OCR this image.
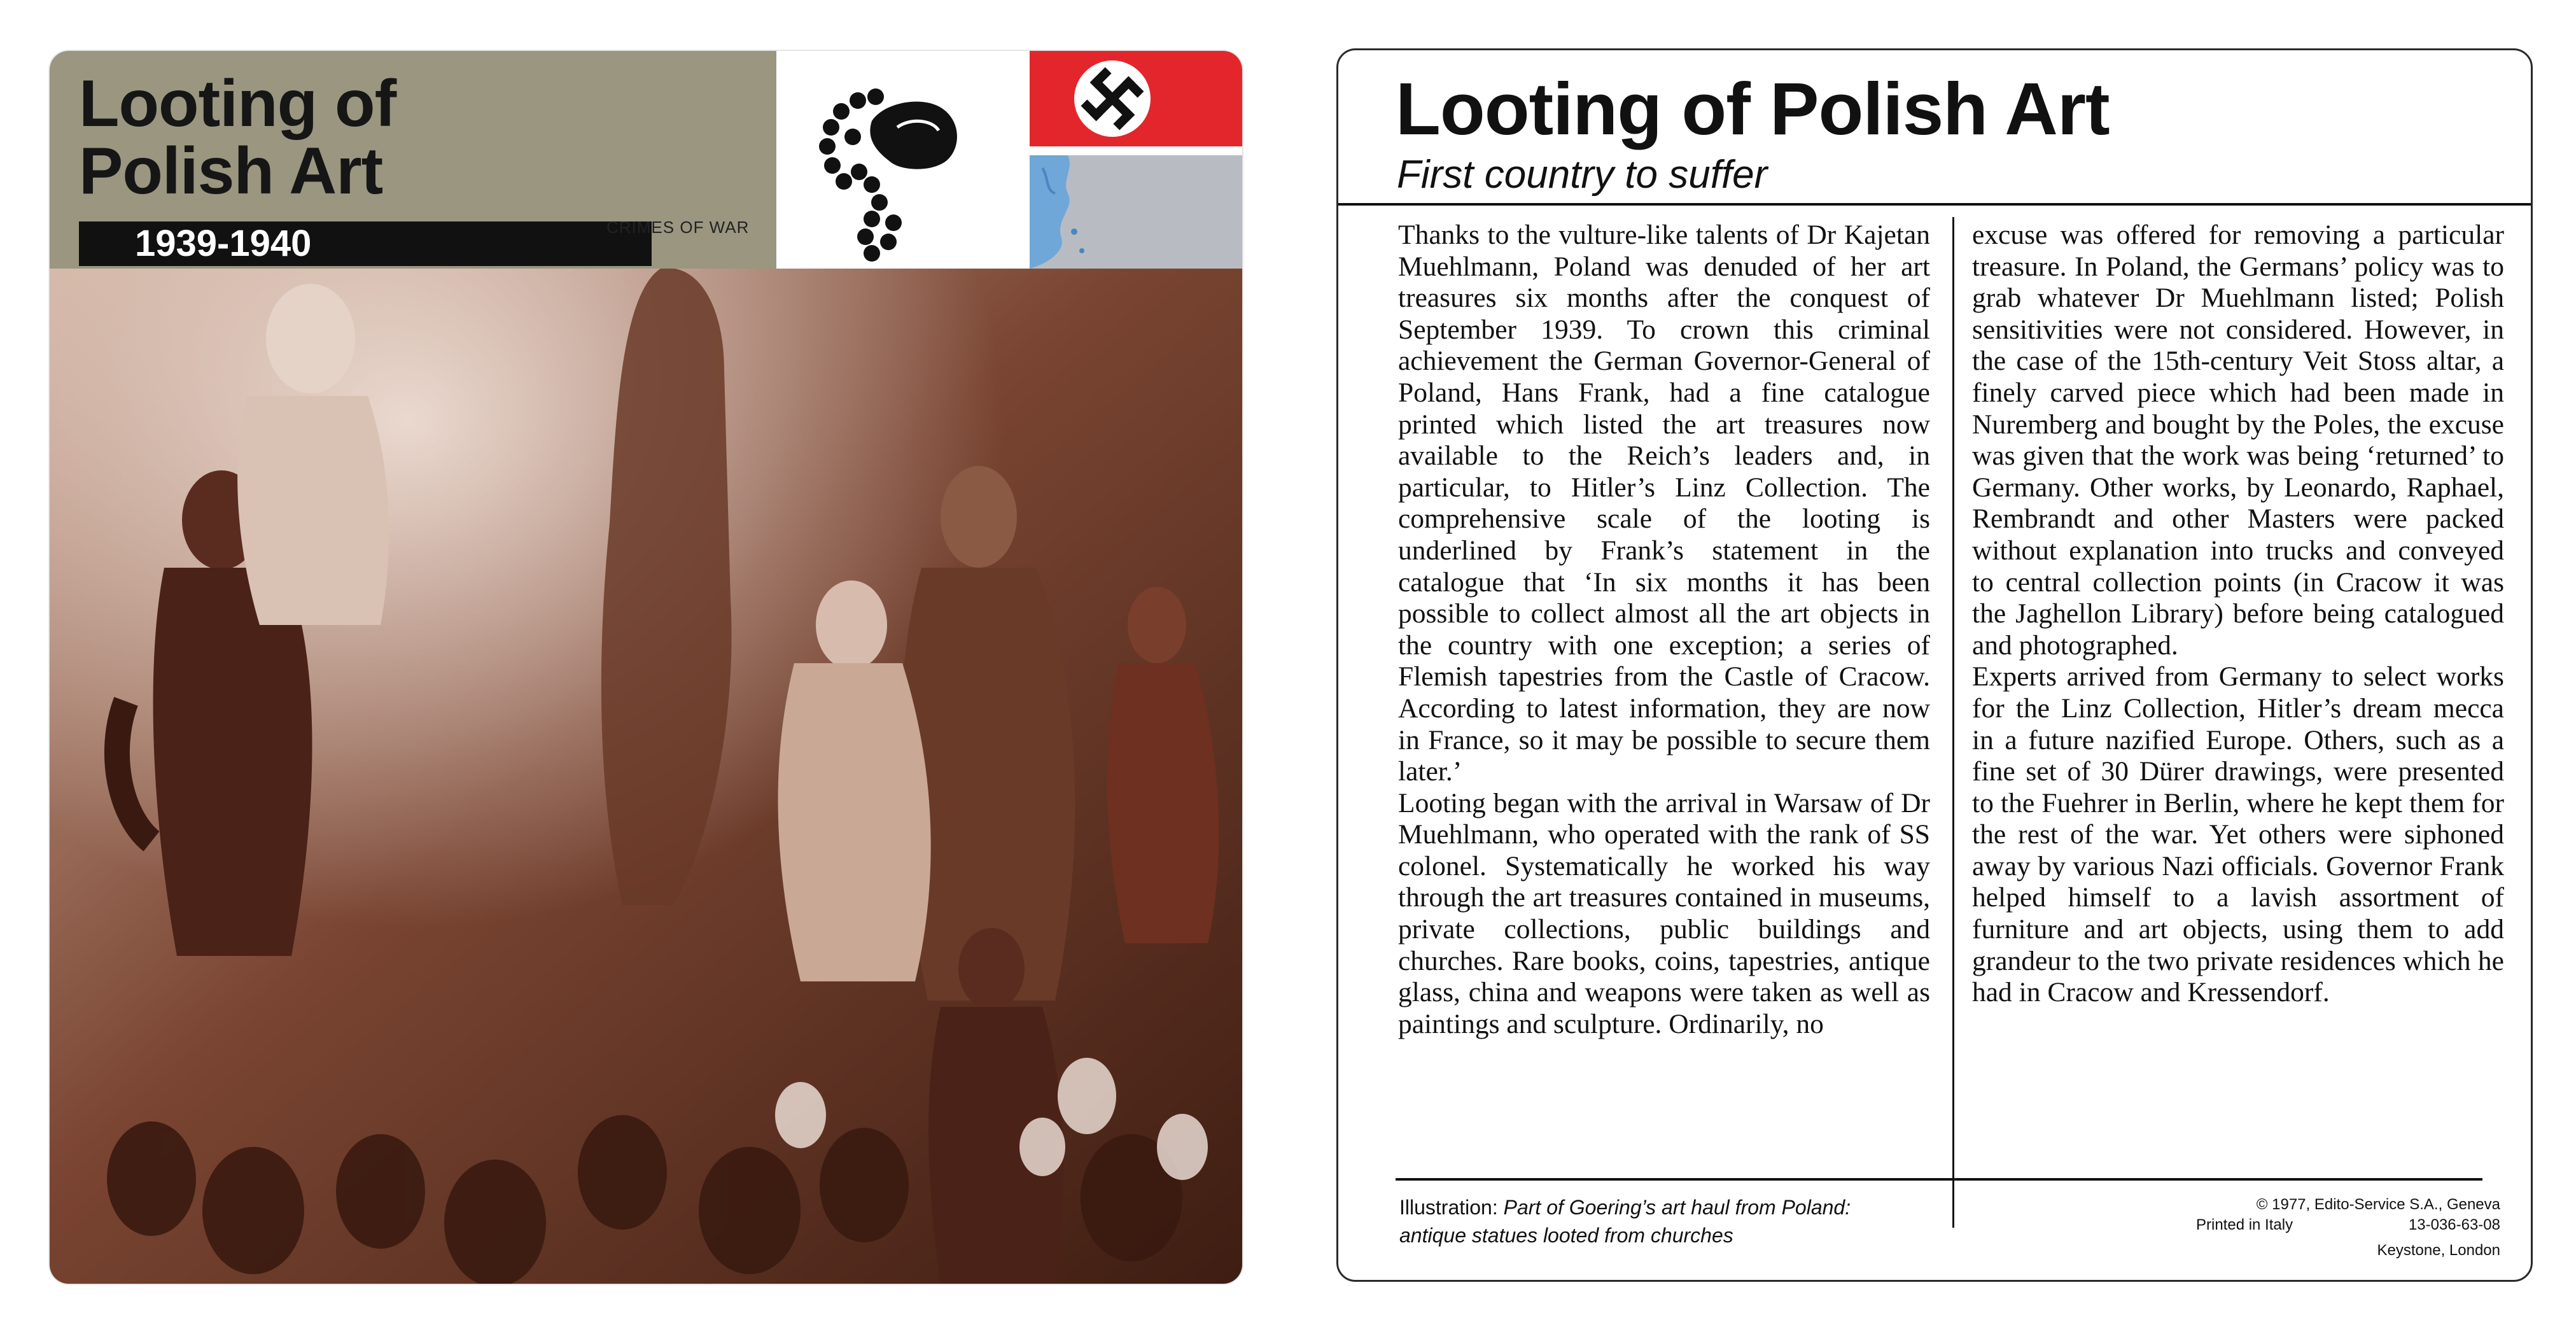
Looting of
Polish Art
1939-1940	CRIMES OF WAR
Looting of Polish Art
First country to suffer

Thanks to the vulture-like talents of Dr Kajetan Muehlmann, Poland was denuded of her art treasures six months after the conquest of September 1939. To crown this criminal achievement the German Governor-General of Poland, Hans Frank, had a fine catalogue printed which listed the art treasures now available to the Reich’s leaders and, in particular, to Hitler’s Linz Collection. The comprehensive scale of the looting is underlined by Frank’s statement in the catalogue that ‘In six months it has been possible to collect almost all the art objects in the country with one exception; a series of Flemish tapestries from the Castle of Cracow. According to latest information, they are now in France, so it may be possible to secure them later.’

Looting began with the arrival in Warsaw of Dr Muehlmann, who operated with the rank of SS colonel. Systematically he worked his way through the art treasures contained in museums, private collections, public buildings and churches. Rare books, coins, tapestries, antique glass, china and weapons were taken as well as paintings and sculpture. Ordinarily, no

excuse was offered for removing a particular treasure. In Poland, the Germans’ policy was to grab whatever Dr Muehlmann listed; Polish sensitivities were not considered. However, in the case of the 15th-century Veit Stoss altar, a finely carved piece which had been made in Nuremberg and bought by the Poles, the excuse was given that the work was being ‘returned’ to Germany. Other works, by Leonardo, Raphael, Rembrandt and other Masters were packed without explanation into trucks and conveyed to central collection points (in Cracow it was the Jaghellon Library) before being catalogued and photographed.

Experts arrived from Germany to select works for the Linz Collection, Hitler’s dream mecca in a future nazified Europe. Others, such as a fine set of 30 Dürer drawings, were presented to the Fuehrer in Berlin, where he kept them for the rest of the war. Yet others were siphoned away by various Nazi officials. Governor Frank helped himself to a lavish assortment of furniture and art objects, using them to add grandeur to the two private residences which he had in Cracow and Kressendorf.

Illustration: Part of Goering’s art haul from Poland:
antique statues looted from churches
© 1977, Edito-Service S.A., Geneva
Printed in Italy	13-036-63-08
Keystone, London
